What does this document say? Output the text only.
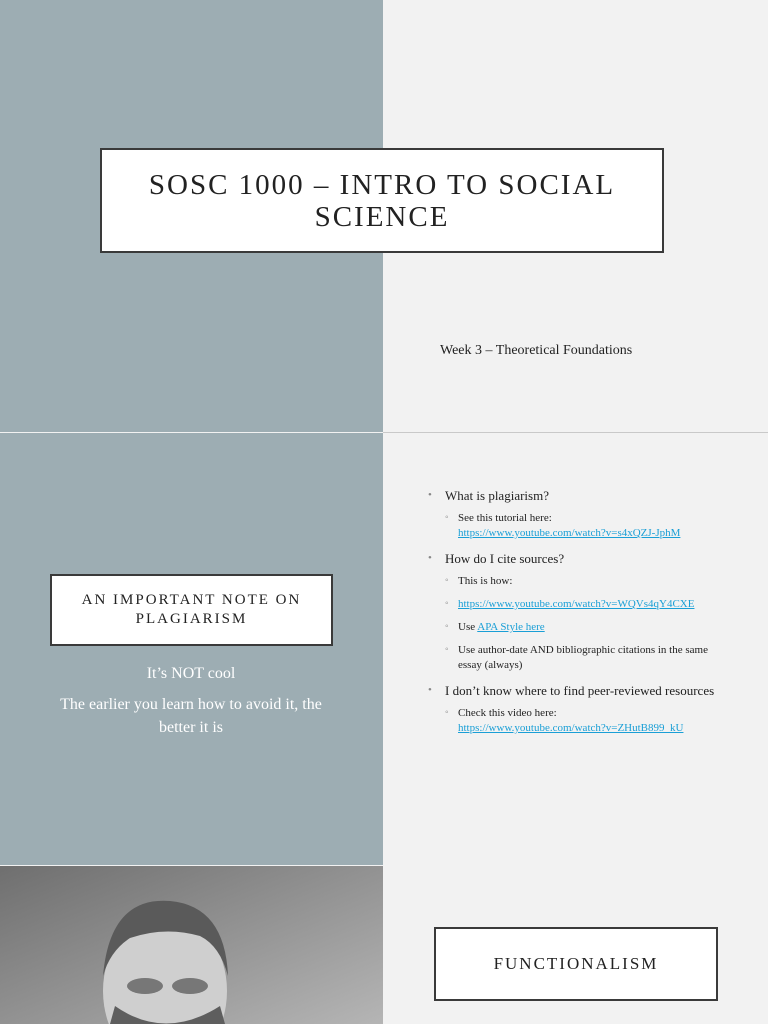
SOSC 1000 – INTRO TO SOCIAL SCIENCE
Week 3 – Theoretical Foundations
AN IMPORTANT NOTE ON PLAGIARISM

It’s NOT cool

The earlier you learn how to avoid it, the better it is

• What is plagiarism?
◦ See this tutorial here:
https://www.youtube.com/watch?v=s4xQZJ-JphM
• How do I cite sources?
◦ This is how:
◦ https://www.youtube.com/watch?v=WQVs4qY4CXE
◦ Use APA Style here
◦ Use author-date AND bibliographic citations in the same essay (always)
• I don’t know where to find peer-reviewed resources
◦ Check this video here:
https://www.youtube.com/watch?v=ZHutB899_kU
FUNCTIONALISM
